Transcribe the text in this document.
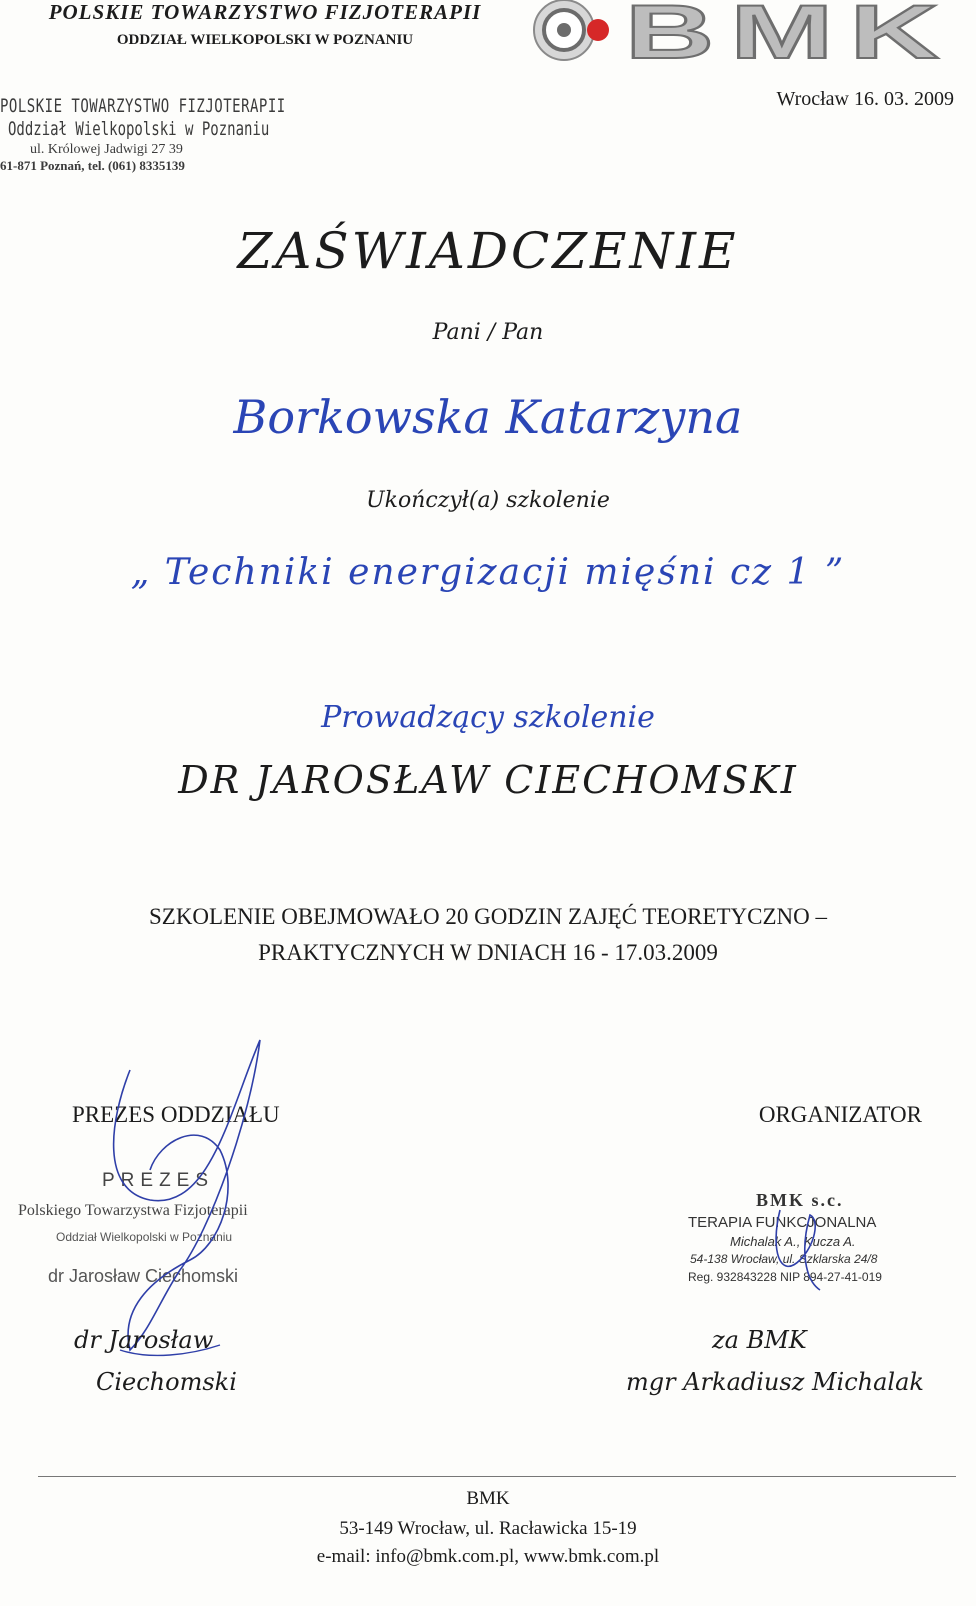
POLSKIE TOWARZYSTWO FIZJOTERAPII
ODDZIAŁ WIELKOPOLSKI W POZNANIU	BMK
POLSKIE TOWARZYSTWO FIZJOTERAPII
Oddział Wielkopolski w Poznaniu
ul. Królowej Jadwigi 27 39
61-871 Poznań, tel. (061) 8335139
Wrocław 16. 03. 2009
ZAŚWIADCZENIE
Pani / Pan
Borkowska Katarzyna
Ukończył(a) szkolenie
„ Techniki energizacji mięśni cz 1 ”
Prowadzący szkolenie
DR JAROSŁAW CIECHOMSKI
SZKOLENIE OBEJMOWAŁO 20 GODZIN ZAJĘĆ TEORETYCZNO –
PRAKTYCZNYCH W DNIACH 16 - 17.03.2009
PREZES ODDZIAŁU
PREZES
Polskiego Towarzystwa Fizjoterapii
Oddział Wielkopolski w Poznaniu
dr Jarosław Ciechomski
dr Jarosław
Ciechomski
ORGANIZATOR
BMK s.c.
TERAPIA FUNKCJONALNA
Michalak A., Kucza A.
54-138 Wrocław, ul. Szklarska 24/8
Reg. 932843228 NIP 894-27-41-019
za BMK
mgr Arkadiusz Michalak
BMK
53-149 Wrocław, ul. Racławicka 15-19
e-mail: info@bmk.com.pl, www.bmk.com.pl
